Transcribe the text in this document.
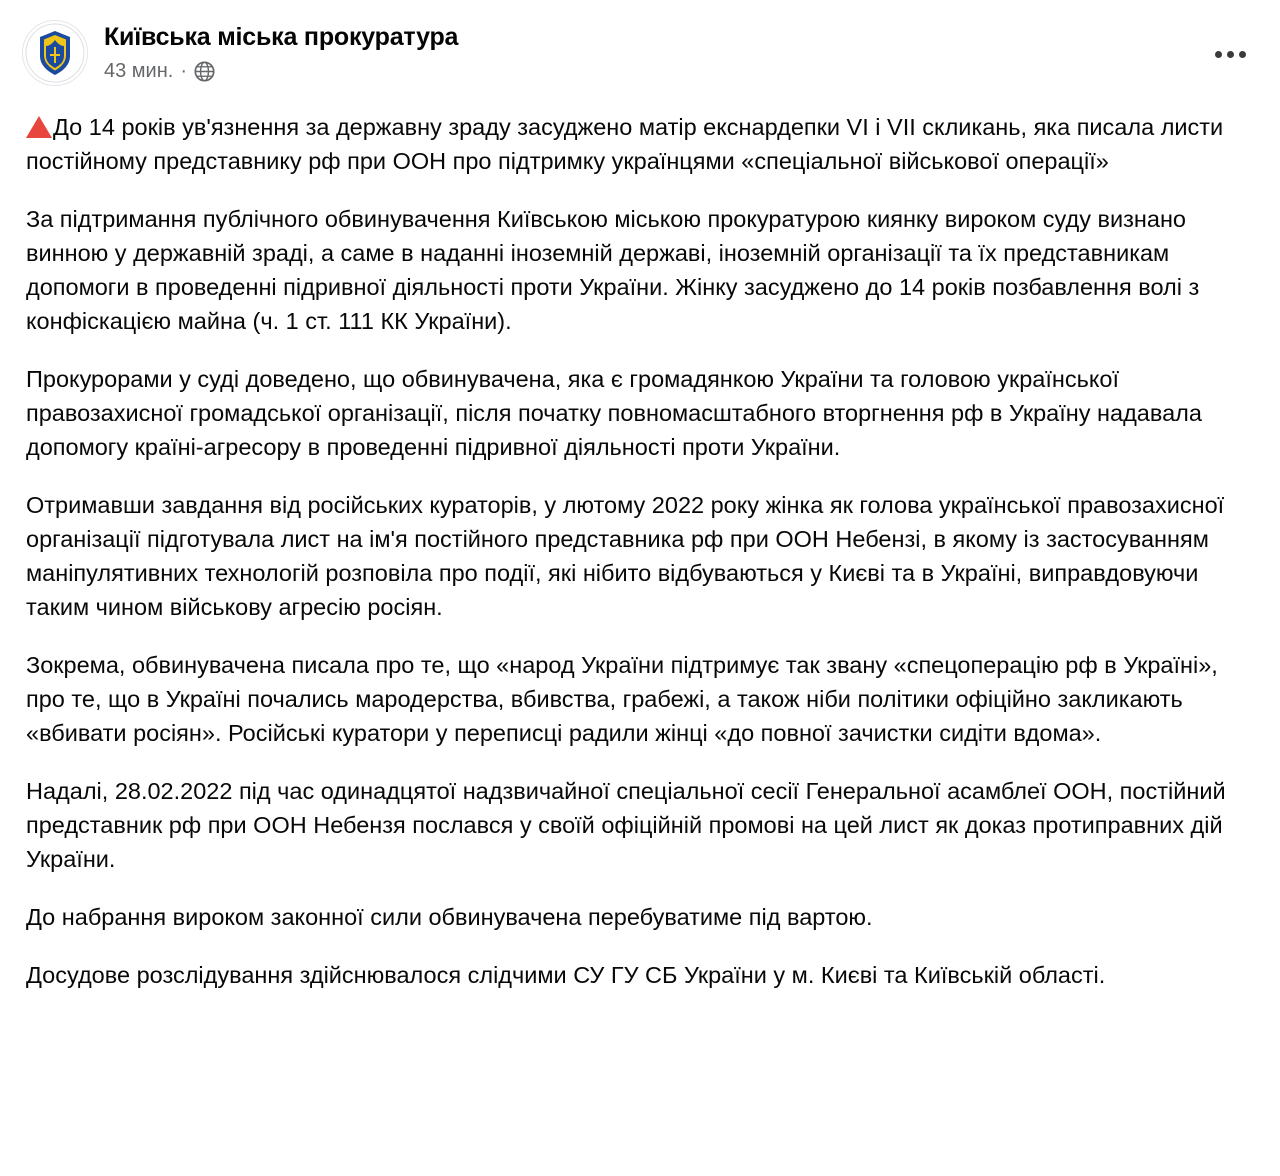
Київська міська прокуратура
43 мин. ·

До 14 років ув'язнення за державну зраду засуджено матір екснардепки VI і VII скликань, яка писала листи постійному представнику рф при ООН про підтримку українцями «спеціальної військової операції»

За підтримання публічного обвинувачення Київською міською прокуратурою киянку вироком суду визнано винною у державній зраді, а саме в наданні іноземній державі, іноземній організації та їх представникам допомоги в проведенні підривної діяльності проти України. Жінку засуджено до 14 років позбавлення волі з конфіскацією майна (ч. 1 ст. 111 КК України).

Прокурорами у суді доведено, що обвинувачена, яка є громадянкою України та головою української правозахисної громадської організації, після початку повномасштабного вторгнення рф в Україну надавала допомогу країні-агресору в проведенні підривної діяльності проти України.

Отримавши завдання від російських кураторів, у лютому 2022 року жінка як голова української правозахисної організації підготувала лист на ім'я постійного представника рф при ООН Небензі, в якому із застосуванням маніпулятивних технологій розповіла про події, які нібито відбуваються у Києві та в Україні, виправдовуючи таким чином військову агресію росіян.

Зокрема, обвинувачена писала про те, що «народ України підтримує так звану «спецоперацію рф в Україні», про те, що в Україні почались мародерства, вбивства, грабежі, а також ніби політики офіційно закликають «вбивати росіян». Російські куратори у переписці радили жінці «до повної зачистки сидіти вдома».

Надалі, 28.02.2022 під час одинадцятої надзвичайної спеціальної сесії Генеральної асамблеї ООН, постійний представник рф при ООН Небензя послався у своїй офіційній промові на цей лист як доказ протиправних дій України.

До набрання вироком законної сили обвинувачена перебуватиме під вартою.

Досудове розслідування здійснювалося слідчими СУ ГУ СБ України у м. Києві та Київській області.
